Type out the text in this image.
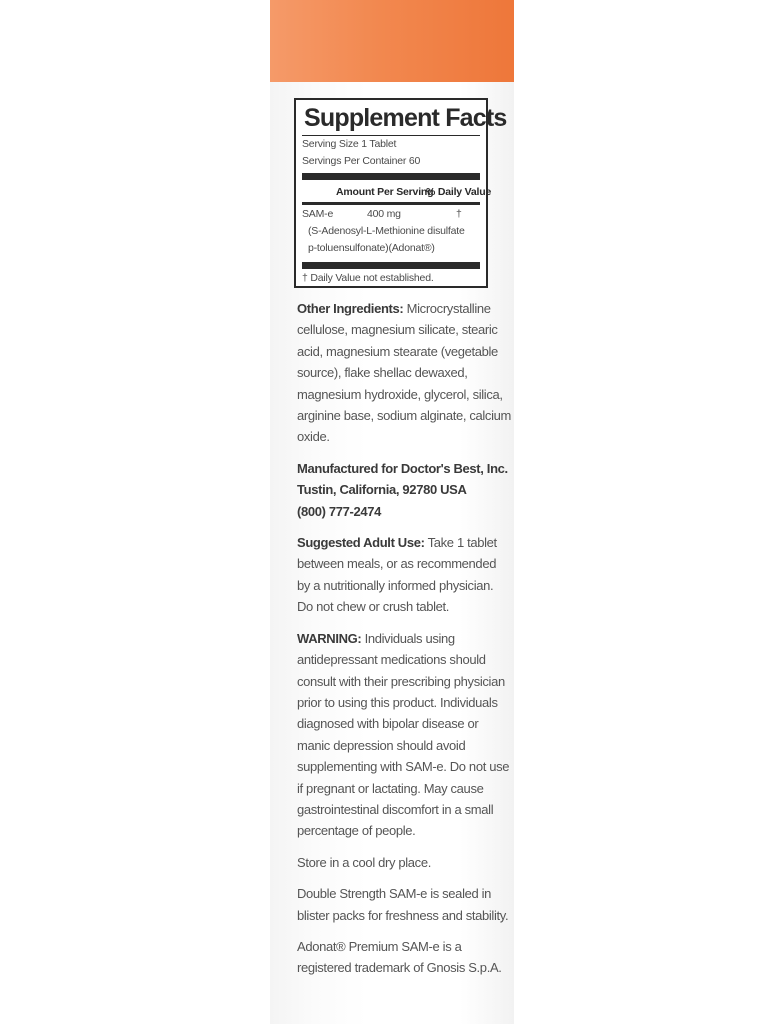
Supplement Facts
Serving Size 1 Tablet
Servings Per Container 60
Amount Per Serving
% Daily Value
SAM-e	400 mg	†
(S-Adenosyl-L-Methionine disulfate
p-toluensulfonate)(Adonat®)
† Daily Value not established.

Other Ingredients: Microcrystalline cellulose, magnesium silicate, stearic acid, magnesium stearate (vegetable source), flake shellac dewaxed, magnesium hydroxide, glycerol, silica, arginine base, sodium alginate, calcium oxide.

Manufactured for Doctor's Best, Inc.
Tustin, California, 92780 USA
(800) 777-2474

Suggested Adult Use: Take 1 tablet between meals, or as recommended by a nutritionally informed physician. Do not chew or crush tablet.

WARNING: Individuals using antidepressant medications should consult with their prescribing physician prior to using this product. Individuals diagnosed with bipolar disease or manic depression should avoid supplementing with SAM-e. Do not use if pregnant or lactating. May cause gastrointestinal discomfort in a small percentage of people.

Store in a cool dry place.

Double Strength SAM-e is sealed in blister packs for freshness and stability.

Adonat® Premium SAM-e is a registered trademark of Gnosis S.p.A.
